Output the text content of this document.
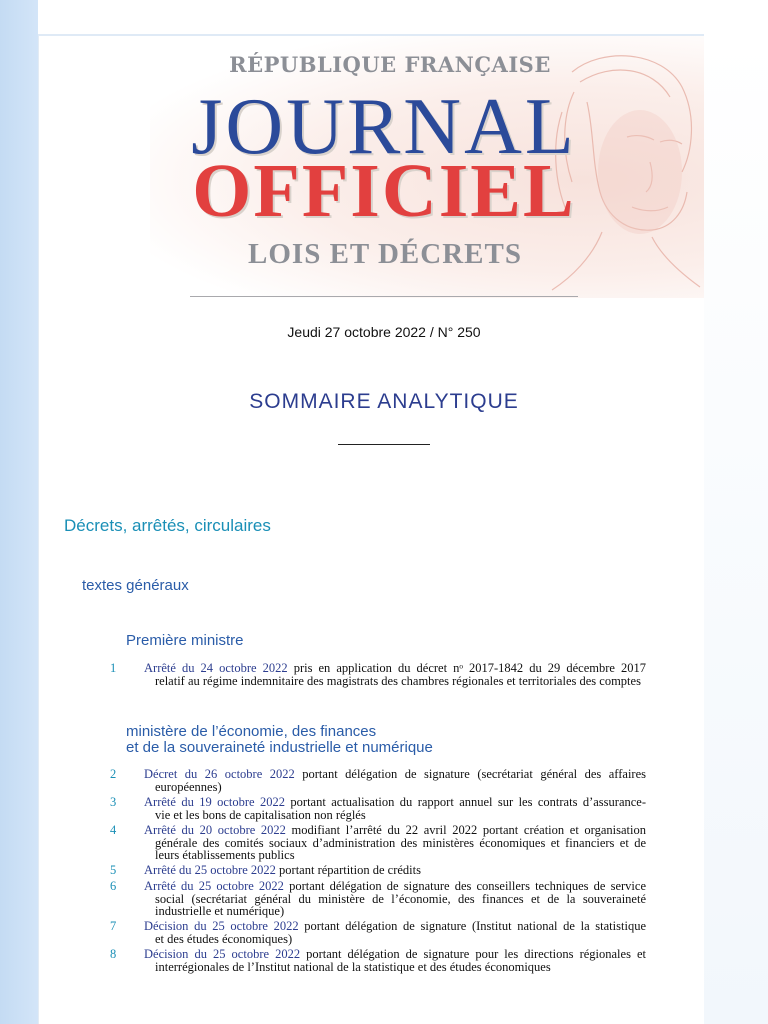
RÉPUBLIQUE FRANÇAISE
JOURNAL
OFFICIEL
LOIS ET DÉCRETS
Jeudi 27 octobre 2022 / N° 250
SOMMAIRE ANALYTIQUE
Décrets, arrêtés, circulaires
textes généraux
Première ministre
1	Arrêté du 24 octobre 2022 pris en application du décret nᵒ 2017-1842 du 29 décembre 2017
relatif au régime indemnitaire des magistrats des chambres régionales et territoriales des comptes
ministère de l’économie, des finances
et de la souveraineté industrielle et numérique
2	Décret du 26 octobre 2022 portant délégation de signature (secrétariat général des affaires
européennes)
3	Arrêté du 19 octobre 2022 portant actualisation du rapport annuel sur les contrats d’assurance-
vie et les bons de capitalisation non réglés
4	Arrêté du 20 octobre 2022 modifiant l’arrêté du 22 avril 2022 portant création et organisation
générale des comités sociaux d’administration des ministères économiques et financiers et de leurs établissements publics
5	Arrêté du 25 octobre 2022 portant répartition de crédits
6	Arrêté du 25 octobre 2022 portant délégation de signature des conseillers techniques de service
social (secrétariat général du ministère de l’économie, des finances et de la souveraineté industrielle et numérique)
7	Décision du 25 octobre 2022 portant délégation de signature (Institut national de la statistique
et des études économiques)
8	Décision du 25 octobre 2022 portant délégation de signature pour les directions régionales et
interrégionales de l’Institut national de la statistique et des études économiques
